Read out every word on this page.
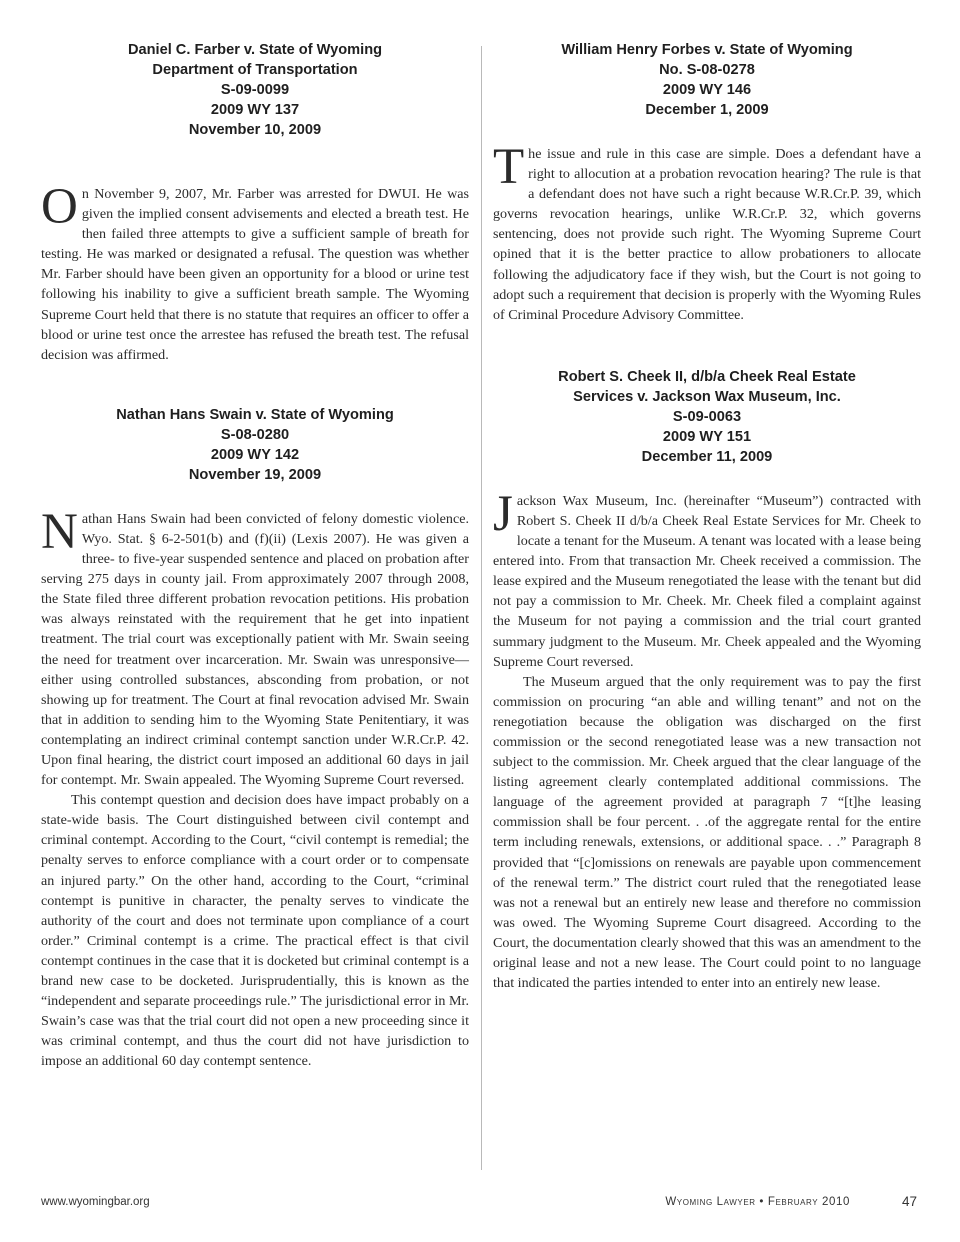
Daniel C. Farber v. State of Wyoming
Department of Transportation
S-09-0099
2009 WY 137
November 10, 2009

On November 9, 2007, Mr. Farber was arrested for DWUI. He was given the implied consent advisements and elected a breath test. He then failed three attempts to give a sufficient sample of breath for testing. He was marked or designated a refusal. The question was whether Mr. Farber should have been given an opportunity for a blood or urine test following his inability to give a sufficient breath sample. The Wyoming Supreme Court held that there is no statute that requires an officer to offer a blood or urine test once the arrestee has refused the breath test. The refusal decision was affirmed.

Nathan Hans Swain v. State of Wyoming
S-08-0280
2009 WY 142
November 19, 2009

Nathan Hans Swain had been convicted of felony domestic violence. Wyo. Stat. § 6-2-501(b) and (f)(ii) (Lexis 2007). He was given a three- to five-year suspended sentence and placed on probation after serving 275 days in county jail. From approximately 2007 through 2008, the State filed three different probation revocation petitions. His probation was always reinstated with the requirement that he get into inpatient treatment. The trial court was exceptionally patient with Mr. Swain seeing the need for treatment over incarceration. Mr. Swain was unresponsive—either using controlled substances, absconding from probation, or not showing up for treatment. The Court at final revocation advised Mr. Swain that in addition to sending him to the Wyoming State Penitentiary, it was contemplating an indirect criminal contempt sanction under W.R.Cr.P. 42. Upon final hearing, the district court imposed an additional 60 days in jail for contempt. Mr. Swain appealed. The Wyoming Supreme Court reversed.

This contempt question and decision does have impact probably on a state-wide basis. The Court distinguished between civil contempt and criminal contempt. According to the Court, “civil contempt is remedial; the penalty serves to enforce compliance with a court order or to compensate an injured party.” On the other hand, according to the Court, “criminal contempt is punitive in character, the penalty serves to vindicate the authority of the court and does not terminate upon compliance of a court order.” Criminal contempt is a crime. The practical effect is that civil contempt continues in the case that it is docketed but criminal contempt is a brand new case to be docketed. Jurisprudentially, this is known as the “independent and separate proceedings rule.” The jurisdictional error in Mr. Swain’s case was that the trial court did not open a new proceeding since it was criminal contempt, and thus the court did not have jurisdiction to impose an additional 60 day contempt sentence.

William Henry Forbes v. State of Wyoming
No. S-08-0278
2009 WY 146
December 1, 2009

The issue and rule in this case are simple. Does a defendant have a right to allocution at a probation revocation hearing? The rule is that a defendant does not have such a right because W.R.Cr.P. 39, which governs revocation hearings, unlike W.R.Cr.P. 32, which governs sentencing, does not provide such right. The Wyoming Supreme Court opined that it is the better practice to allow probationers to allocate following the adjudicatory face if they wish, but the Court is not going to adopt such a requirement that decision is properly with the Wyoming Rules of Criminal Procedure Advisory Committee.

Robert S. Cheek II, d/b/a Cheek Real Estate
Services v. Jackson Wax Museum, Inc.
S-09-0063
2009 WY 151
December 11, 2009

Jackson Wax Museum, Inc. (hereinafter “Museum”) contracted with Robert S. Cheek II d/b/a Cheek Real Estate Services for Mr. Cheek to locate a tenant for the Museum. A tenant was located with a lease being entered into. From that transaction Mr. Cheek received a commission. The lease expired and the Museum renegotiated the lease with the tenant but did not pay a commission to Mr. Cheek. Mr. Cheek filed a complaint against the Museum for not paying a commission and the trial court granted summary judgment to the Museum. Mr. Cheek appealed and the Wyoming Supreme Court reversed.

The Museum argued that the only requirement was to pay the first commission on procuring “an able and willing tenant” and not on the renegotiation because the obligation was discharged on the first commission or the second renegotiated lease was a new transaction not subject to the commission. Mr. Cheek argued that the clear language of the listing agreement clearly contemplated additional commissions. The language of the agreement provided at paragraph 7 “[t]he leasing commission shall be four percent. . .of the aggregate rental for the entire term including renewals, extensions, or additional space. . .” Paragraph 8 provided that “[c]omissions on renewals are payable upon commencement of the renewal term.” The district court ruled that the renegotiated lease was not a renewal but an entirely new lease and therefore no commission was owed. The Wyoming Supreme Court disagreed. According to the Court, the documentation clearly showed that this was an amendment to the original lease and not a new lease. The Court could point to no language that indicated the parties intended to enter into an entirely new lease.

www.wyomingbar.org	Wyoming Lawyer • February 2010	47
